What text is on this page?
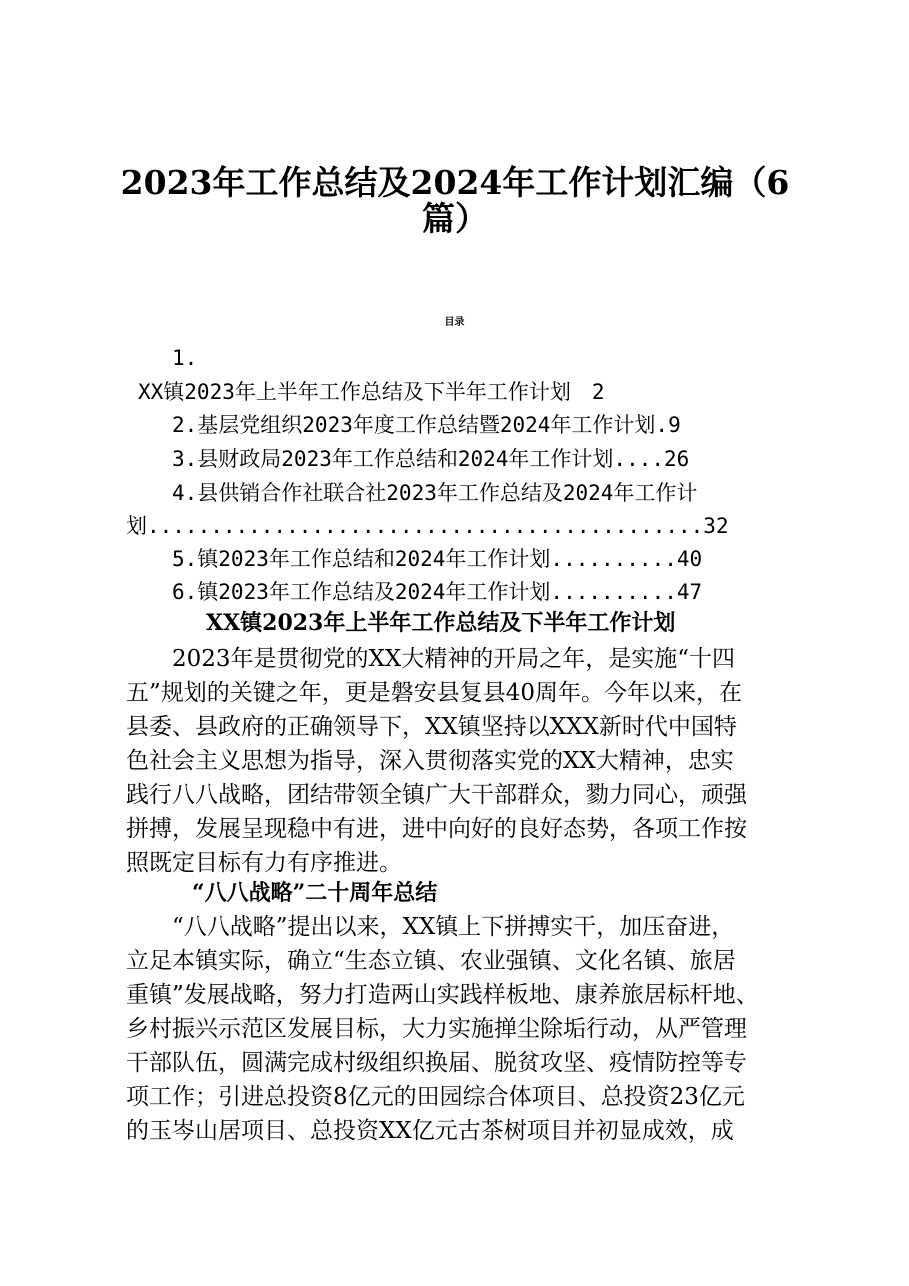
2023年工作总结及2024年工作计划汇编（6
篇）
目录
1.
XX镇2023年上半年工作总结及下半年工作计划　2
2.基层党组织2023年度工作总结暨2024年工作计划.9
3.县财政局2023年工作总结和2024年工作计划....26
4.县供销合作社联合社2023年工作总结及2024年工作计
划............................................32
5.镇2023年工作总结和2024年工作计划..........40
6.镇2023年工作总结及2024年工作计划..........47
XX镇2023年上半年工作总结及下半年工作计划
2023年是贯彻党的XX大精神的开局之年，是实施“十四
五”规划的关键之年，更是磐安县复县40周年。今年以来，在
县委、县政府的正确领导下，XX镇坚持以XXX新时代中国特
色社会主义思想为指导，深入贯彻落实党的XX大精神，忠实
践行八八战略，团结带领全镇广大干部群众，勠力同心，顽强
拼搏，发展呈现稳中有进，进中向好的良好态势，各项工作按
照既定目标有力有序推进。
“八八战略”二十周年总结
“八八战略”提出以来，XX镇上下拼搏实干，加压奋进，
立足本镇实际，确立“生态立镇、农业强镇、文化名镇、旅居
重镇”发展战略，努力打造两山实践样板地、康养旅居标杆地、
乡村振兴示范区发展目标，大力实施掸尘除垢行动，从严管理
干部队伍，圆满完成村级组织换届、脱贫攻坚、疫情防控等专
项工作；引进总投资8亿元的田园综合体项目、总投资23亿元
的玉岑山居项目、总投资XX亿元古茶树项目并初显成效，成
